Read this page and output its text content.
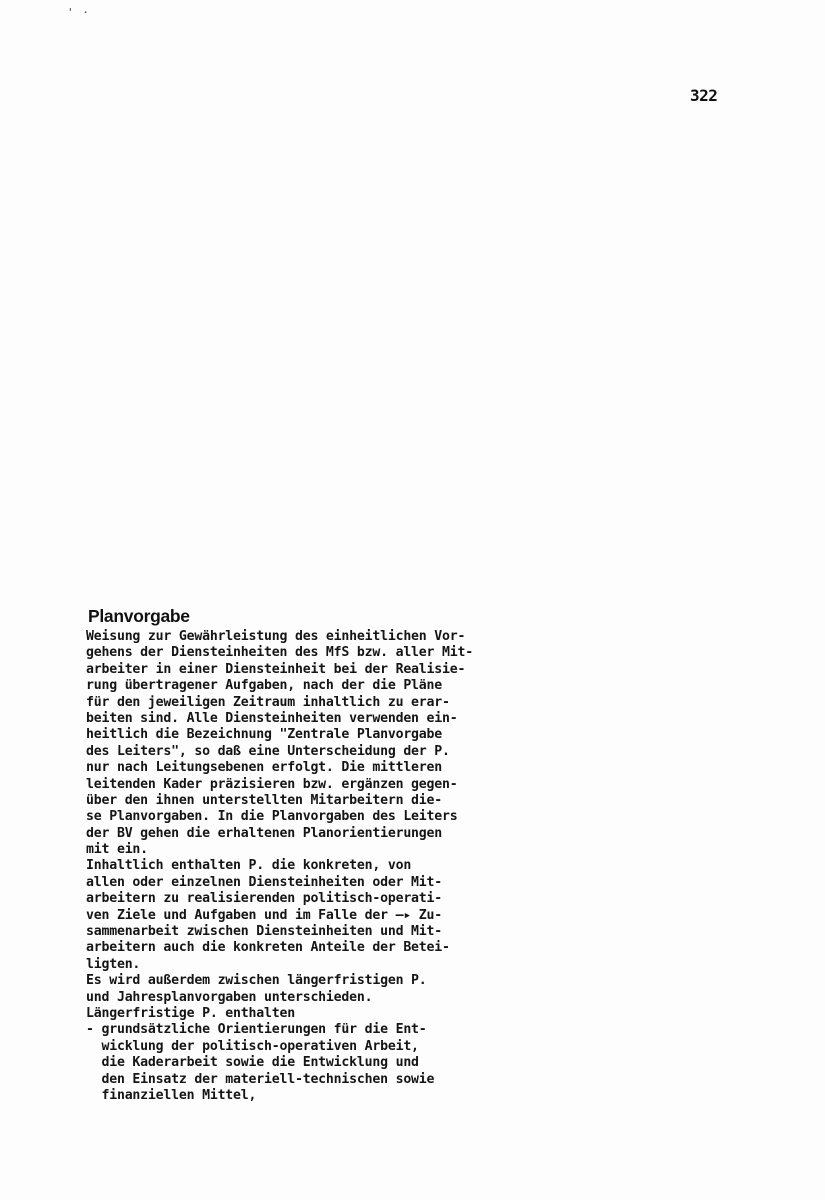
' ·
322
Planvorgabe
Weisung zur Gewährleistung des einheitlichen Vor-
gehens der Diensteinheiten des MfS bzw. aller Mit-
arbeiter in einer Diensteinheit bei der Realisie-
rung übertragener Aufgaben, nach der die Pläne
für den jeweiligen Zeitraum inhaltlich zu erar-
beiten sind. Alle Diensteinheiten verwenden ein-
heitlich die Bezeichnung "Zentrale Planvorgabe
des Leiters", so daß eine Unterscheidung der P.
nur nach Leitungsebenen erfolgt. Die mittleren
leitenden Kader präzisieren bzw. ergänzen gegen-
über den ihnen unterstellten Mitarbeitern die-
se Planvorgaben. In die Planvorgaben des Leiters
der BV gehen die erhaltenen Planorientierungen
mit ein.
Inhaltlich enthalten P. die konkreten, von
allen oder einzelnen Diensteinheiten oder Mit-
arbeitern zu realisierenden politisch-operati-
ven Ziele und Aufgaben und im Falle der —▸ Zu-
sammenarbeit zwischen Diensteinheiten und Mit-
arbeitern auch die konkreten Anteile der Betei-
ligten.
Es wird außerdem zwischen längerfristigen P.
und Jahresplanvorgaben unterschieden.
Längerfristige P. enthalten
- grundsätzliche Orientierungen für die Ent-
wicklung der politisch-operativen Arbeit,
die Kaderarbeit sowie die Entwicklung und
den Einsatz der materiell-technischen sowie
finanziellen Mittel,
